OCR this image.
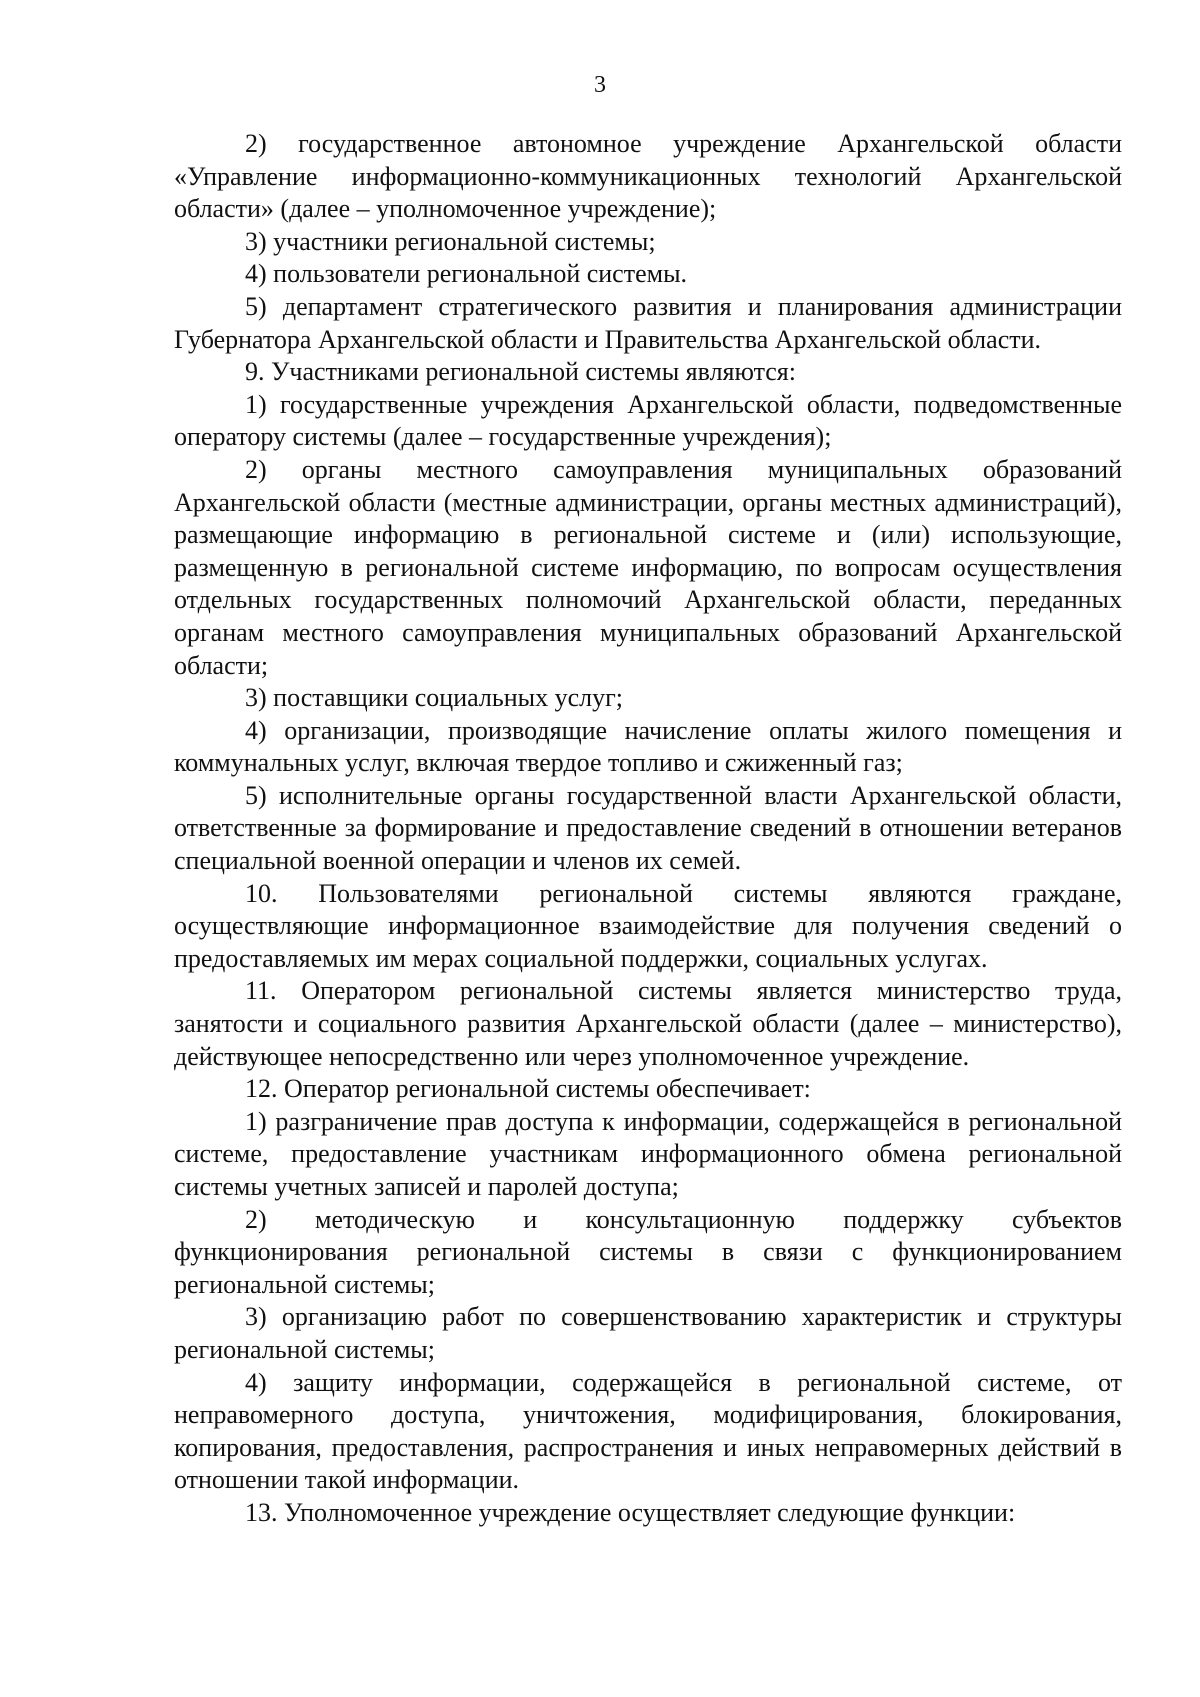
3

2) государственное автономное учреждение Архангельской области «Управление информационно-коммуникационных технологий Архангельской области» (далее – уполномоченное учреждение);

3) участники региональной системы;

4) пользователи региональной системы.

5) департамент стратегического развития и планирования администрации Губернатора Архангельской области и Правительства Архангельской области.

9. Участниками региональной системы являются:

1) государственные учреждения Архангельской области, подведомственные оператору системы (далее – государственные учреждения);

2) органы местного самоуправления муниципальных образований Архангельской области (местные администрации, органы местных администраций), размещающие информацию в региональной системе и (или) использующие, размещенную в региональной системе информацию, по вопросам осуществления отдельных государственных полномочий Архангельской области, переданных органам местного самоуправления муниципальных образований Архангельской области;

3) поставщики социальных услуг;

4) организации, производящие начисление оплаты жилого помещения и коммунальных услуг, включая твердое топливо и сжиженный газ;

5) исполнительные органы государственной власти Архангельской области, ответственные за формирование и предоставление сведений в отношении ветеранов специальной военной операции и членов их семей.

10. Пользователями региональной системы являются граждане, осуществляющие информационное взаимодействие для получения сведений о предоставляемых им мерах социальной поддержки, социальных услугах.

11. Оператором региональной системы является министерство труда, занятости и социального развития Архангельской области (далее – министерство), действующее непосредственно или через уполномоченное учреждение.

12. Оператор региональной системы обеспечивает:

1) разграничение прав доступа к информации, содержащейся в региональной системе, предоставление участникам информационного обмена региональной системы учетных записей и паролей доступа;

2) методическую и консультационную поддержку субъектов функционирования региональной системы в связи с функционированием региональной системы;

3) организацию работ по совершенствованию характеристик и структуры региональной системы;

4) защиту информации, содержащейся в региональной системе, от неправомерного доступа, уничтожения, модифицирования, блокирования, копирования, предоставления, распространения и иных неправомерных действий в отношении такой информации.

13. Уполномоченное учреждение осуществляет следующие функции:
